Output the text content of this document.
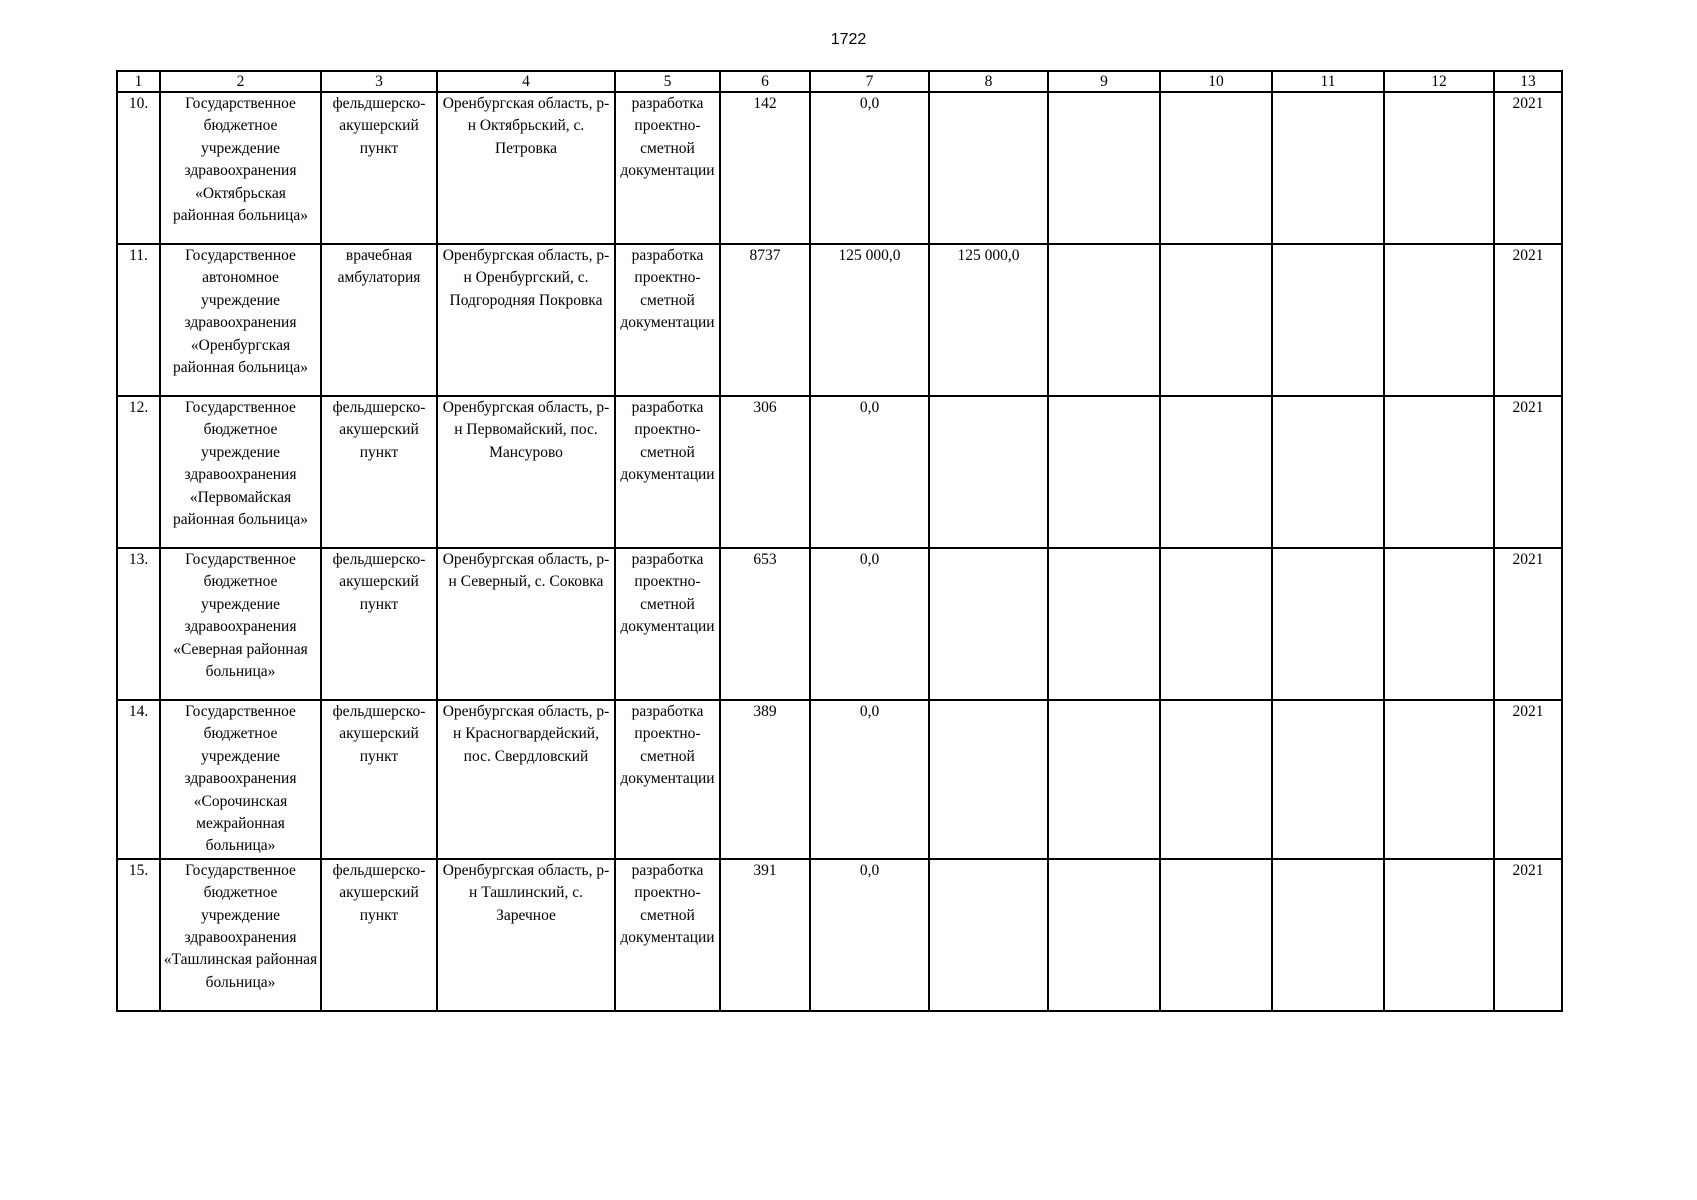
1722
1	2	3	4	5	6	7	8	9	10	11	12	13
10.	Государственное бюджетное учреждение здравоохранения «Октябрьская районная больница»	фельдшерско-акушерский пункт	Оренбургская область, р-н Октябрьский, с. Петровка	разработка проектно-сметной документации	142	0,0						2021
11.	Государственное автономное учреждение здравоохранения «Оренбургская районная больница»	врачебная амбулатория	Оренбургская область, р-н Оренбургский, с. Подгородняя Покровка	разработка проектно-сметной документации	8737	125 000,0	125 000,0					2021
12.	Государственное бюджетное учреждение здравоохранения «Первомайская районная больница»	фельдшерско-акушерский пункт	Оренбургская область, р-н Первомайский, пос. Мансурово	разработка проектно-сметной документации	306	0,0						2021
13.	Государственное бюджетное учреждение здравоохранения «Северная районная больница»	фельдшерско-акушерский пункт	Оренбургская область, р-н Северный, с. Соковка	разработка проектно-сметной документации	653	0,0						2021
14.	Государственное бюджетное учреждение здравоохранения «Сорочинская межрайонная больница»	фельдшерско-акушерский пункт	Оренбургская область, р-н Красногвардейский, пос. Свердловский	разработка проектно-сметной документации	389	0,0						2021
15.	Государственное бюджетное учреждение здравоохранения «Ташлинская районная больница»	фельдшерско-акушерский пункт	Оренбургская область, р-н Ташлинский, с. Заречное	разработка проектно-сметной документации	391	0,0						2021
